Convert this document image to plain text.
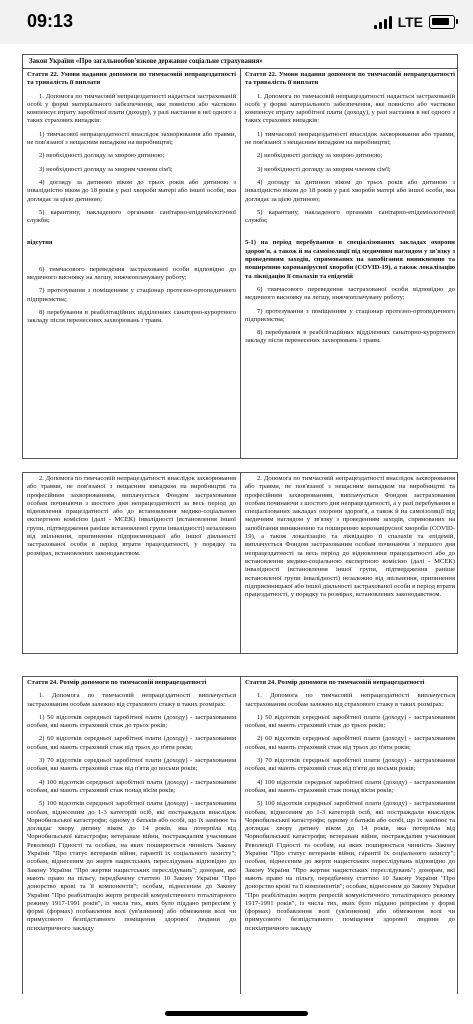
09:13	LTE
Закон України «Про загальнообов'язкове державне соціальне страхування»

Стаття 22. Умови надання допомоги по тимчасовій непрацездатності та тривалість її виплати

1. Допомога по тимчасовій непрацездатності надається застрахованій особі у формі матеріального забезпечення, яке повністю або частково компенсує втрату заробітної плати (доходу), у разі настання в неї одного з таких страхових випадків:

1) тимчасової непрацездатності внаслідок захворювання або травми, не пов'язаної з нещасним випадком на виробництві;

2) необхідності догляду за хворою дитиною;

3) необхідності догляду за хворим членом сім'ї;

4) догляду за дитиною віком до трьох років або дитиною з інвалідністю віком до 18 років у разі хвороби матері або іншої особи, яка доглядає за цією дитиною;

5) карантину, накладеного органами санітарно-епідеміологічної служби;

відсутня

6) тимчасового переведення застрахованої особи відповідно до медичного висновку на легшу, нижчеоплачувану роботу;

7) протезування з поміщенням у стаціонар протезно-ортопедичного підприємства;

8) перебування в реабілітаційних відділеннях санаторно-курортного закладу після перенесених захворювань і травм.

Стаття 22. Умови надання допомоги по тимчасовій непрацездатності та тривалість її виплати

1. Допомога по тимчасовій непрацездатності надається застрахованій особі у формі матеріального забезпечення, яке повністю або частково компенсує втрату заробітної плати (доходу), у разі настання в неї одного з таких страхових випадків:

1) тимчасової непрацездатності внаслідок захворювання або травми, не пов'язаної з нещасним випадком на виробництві;

2) необхідності догляду за хворою дитиною;

3) необхідності догляду за хворим членом сім'ї;

4) догляду за дитиною віком до трьох років або дитиною з інвалідністю віком до 18 років у разі хвороби матері або іншої особи, яка доглядає за цією дитиною;

5) карантину, накладеного органами санітарно-епідеміологічної служби;

5-1) на період перебування в спеціалізованих закладах охорони здоров'я, а також й на самоізоляції під медичним наглядом у зв'язку з проведенням заходів, спрямованих на запобігання виникненню та поширенню коронавірусної хвороби (COVID-19), а також локалізацію та ліквідацію її спалахів та епідемій

6) тимчасового переведення застрахованої особи відповідно до медичного висновку на легшу, нижчеоплачувану роботу;

7) протезування з поміщенням у стаціонар протезно-ортопедичного підприємства;

8) перебування в реабілітаційних відділеннях санаторно-курортного закладу після перенесених захворювань і травм.

2. Допомога по тимчасовій непрацездатності внаслідок захворювання або травми, не пов'язаної з нещасним випадком на виробництві та професійним захворюванням, виплачується Фондом застрахованим особам починаючи з шостого дня непрацездатності за весь період до відновлення працездатності або до встановлення медико-соціальною експертною комісією (далі - МСЕК) інвалідності (встановлення іншої групи, підтвердження раніше встановленої групи інвалідності) незалежно від звільнення, припинення підприємницької або іншої діяльності застрахованої особи в період втрати працездатності, у порядку та розмірах, встановлених законодавством.

2. Допомога по тимчасовій непрацездатності внаслідок захворювання або травми, не пов'язаної з нещасним випадком на виробництві та професійним захворюванням, виплачується Фондом застрахованим особам починаючи з шостого дня непрацездатності, а у разі перебування в спеціалізованих закладах охорони здоров'я, а також й на самоізоляції під медичним наглядом у зв'язку з проведенням заходів, спрямованих на запобігання виникненню та поширенню коронавірусної хвороби (COVID-19), а також локалізацію та ліквідацію її спалахів та епідемій, виплачується Фондом застрахованим особам починаючи з першого дня непрацездатності за весь період до відновлення працездатності або до встановлення медико-соціальною експертною комісією (далі - МСЕК) інвалідності (встановлення іншої групи, підтвердження раніше встановленої групи інвалідності) незалежно від звільнення, припинення підприємницької або іншої діяльності застрахованої особи в період втрати працездатності, у порядку та розмірах, встановлених законодавством.

Стаття 24. Розмір допомоги по тимчасовій непрацездатності

1. Допомога по тимчасовій непрацездатності виплачується застрахованим особам залежно від страхового стажу в таких розмірах:

1) 50 відсотків середньої заробітної плати (доходу) - застрахованим особам, які мають страховий стаж до трьох років;

2) 60 відсотків середньої заробітної плати (доходу) - застрахованим особам, які мають страховий стаж від трьох до п'яти років;

3) 70 відсотків середньої заробітної плати (доходу) - застрахованим особам, які мають страховий стаж від п'яти до восьми років;

4) 100 відсотків середньої заробітної плати (доходу) - застрахованим особам, які мають страховий стаж понад вісім років;

5) 100 відсотків середньої заробітної плати (доходу) - застрахованим особам, віднесеним до 1-3 категорій осіб, які постраждали внаслідок Чорнобильської катастрофи; одному з батьків або особі, що їх замінює та доглядає хвору дитину віком до 14 років, яка потерпіла від Чорнобильської катастрофи; ветеранам війни, постраждалим учасникам Революції Гідності та особам, на яких поширюється чинність Закону України "Про статус ветеранів війни, гарантії їх соціального захисту"; особам, віднесеним до жертв нацистських переслідувань відповідно до Закону України "Про жертви нацистських переслідувань"; донорам, які мають право на пільгу, передбачену статтею 10 Закону України "Про донорство крові та її компонентів"; особам, віднесеним до Закону України "Про реабілітацію жертв репресій комуністичного тоталітарного режиму 1917-1991 років", із числа тих, яких було піддано репресіям у формі (формах) позбавлення волі (ув'язнення) або обмеження волі чи примусового безпідставного поміщення здорової людини до психіатричного закладу

Стаття 24. Розмір допомоги по тимчасовій непрацездатності

1. Допомога по тимчасовій непрацездатності виплачується застрахованим особам залежно від страхового стажу в таких розмірах:

1) 50 відсотків середньої заробітної плати (доходу) - застрахованим особам, які мають страховий стаж до трьох років;

2) 60 відсотків середньої заробітної плати (доходу) - застрахованим особам, які мають страховий стаж від трьох до п'яти років;

3) 70 відсотків середньої заробітної плати (доходу) - застрахованим особам, які мають страховий стаж від п'яти до восьми років;

4) 100 відсотків середньої заробітної плати (доходу) - застрахованим особам, які мають страховий стаж понад вісім років;

5) 100 відсотків середньої заробітної плати (доходу) - застрахованим особам, віднесеним до 1-3 категорій осіб, які постраждали внаслідок Чорнобильської катастрофи; одному з батьків або особі, що їх замінює та доглядає хвору дитину віком до 14 років, яка потерпіла від Чорнобильської катастрофи; ветеранам війни, постраждалим учасникам Революції Гідності та особам, на яких поширюється чинність Закону України "Про статус ветеранів війни, гарантії їх соціального захисту"; особам, віднесеним до жертв нацистських переслідувань відповідно до Закону України "Про жертви нацистських переслідувань"; донорам, які мають право на пільгу, передбачену статтею 10 Закону України "Про донорство крові та її компонентів"; особам, віднесеним до Закону України "Про реабілітацію жертв репресій комуністичного тоталітарного режиму 1917-1991 років", із числа тих, яких було піддано репресіям у формі (формах) позбавлення волі (ув'язнення) або обмеження волі чи примусового безпідставного поміщення здорової людини до психіатричного закладу
